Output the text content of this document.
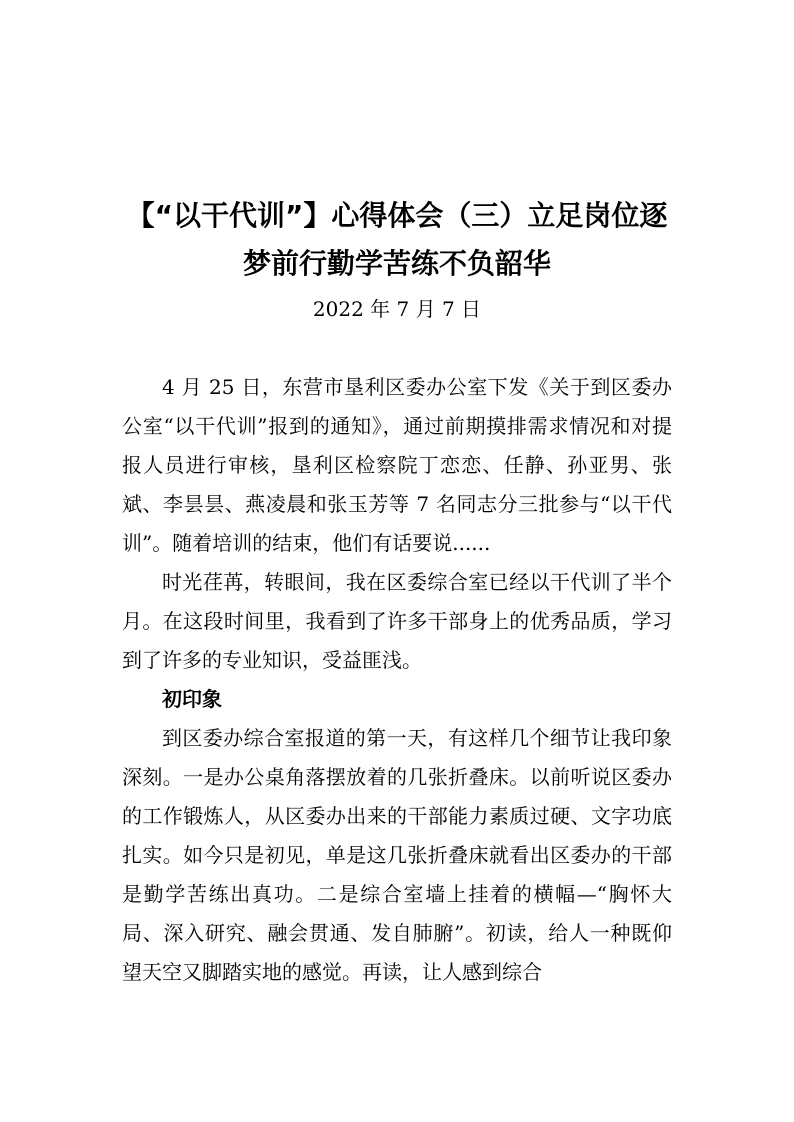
【“以干代训”】心得体会（三）立足岗位逐
梦前行勤学苦练不负韶华
2022 年 7 月 7 日

4 月 25 日，东营市垦利区委办公室下发《关于到区委办公室“以干代训”报到的通知》，通过前期摸排需求情况和对提报人员进行审核，垦利区检察院丁恋恋、任静、孙亚男、张斌、李昙昙、燕凌晨和张玉芳等 7 名同志分三批参与“以干代训”。随着培训的结束，他们有话要说......

时光荏苒，转眼间，我在区委综合室已经以干代训了半个月。在这段时间里，我看到了许多干部身上的优秀品质，学习到了许多的专业知识，受益匪浅。

初印象

到区委办综合室报道的第一天，有这样几个细节让我印象深刻。一是办公桌角落摆放着的几张折叠床。以前听说区委办的工作锻炼人，从区委办出来的干部能力素质过硬、文字功底扎实。如今只是初见，单是这几张折叠床就看出区委办的干部是勤学苦练出真功。二是综合室墙上挂着的横幅—“胸怀大局、深入研究、融会贯通、发自肺腑”。初读，给人一种既仰望天空又脚踏实地的感觉。再读，让人感到综合
